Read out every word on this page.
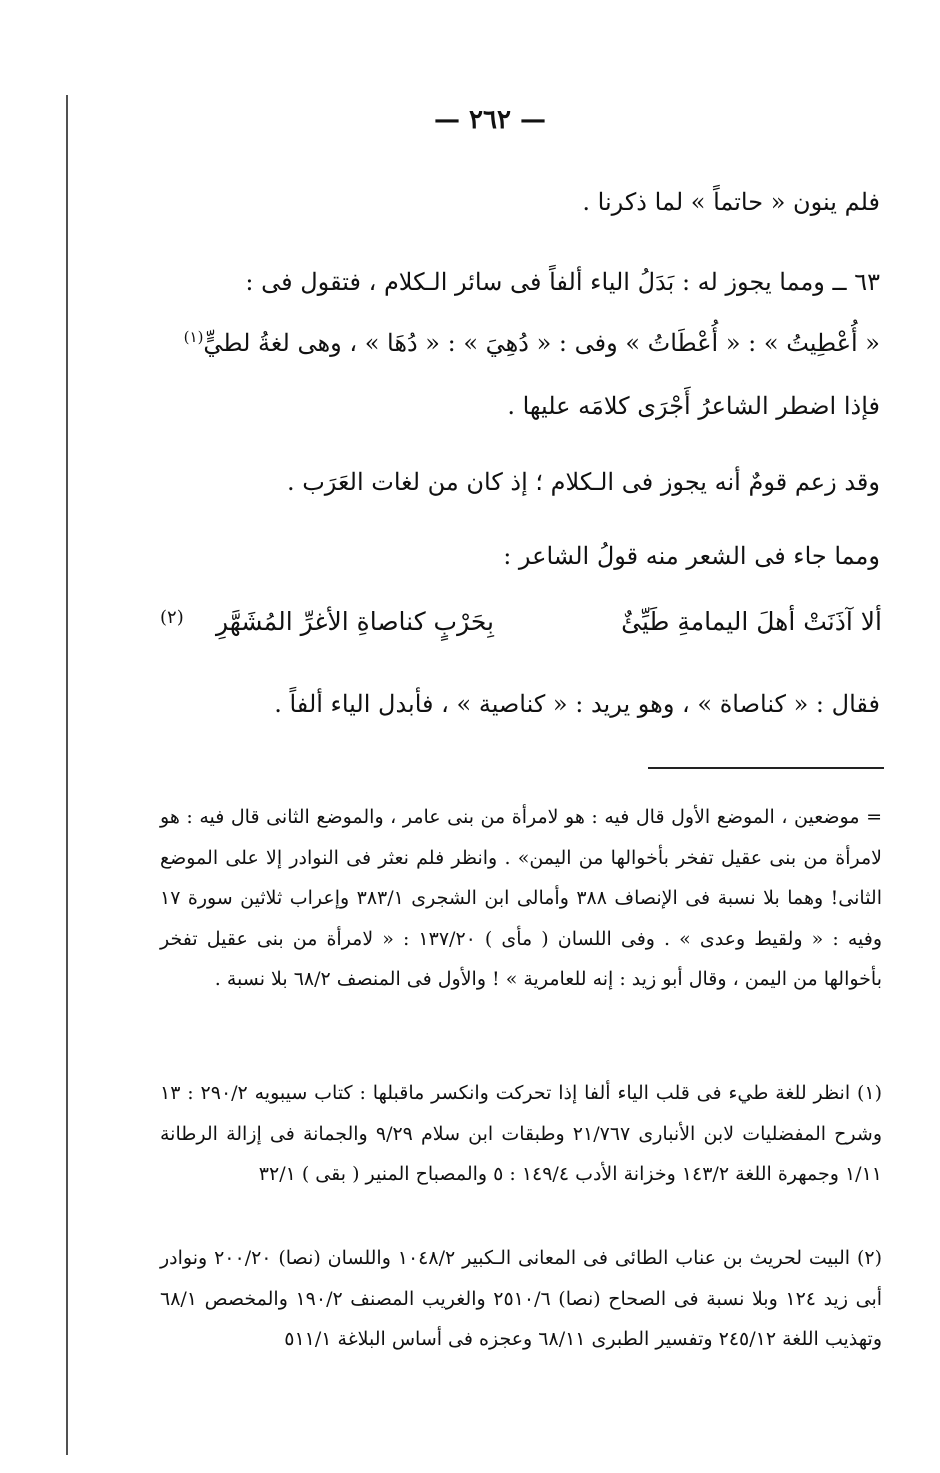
— ٢٦٢ —
فلم ينون « حاتماً » لما ذكرنا .
٦٣ ــ ومما يجوز له : بَدَلُ الياء ألفاً فى سائر الـكلام ، فتقول فى :
« أُعْطِيتُ » : « أُعْطَاتُ » وفى : « دُهِيَ » : « دُهَا » ، وهى لغةُ لطيٍّ$^{(١)}$
فإذا اضطر الشاعرُ أَجْرَى كلامَه عليها .
وقد زعم قومٌ أنه يجوز فى الـكلام ؛ إذ كان من لغات العَرَب .
ومما جاء فى الشعر منه قولُ الشاعر :
ألا آذَنَتْ أهلَ اليمامةِ طَيِّئٌ
بِحَرْبٍ كناصاةِ الأغرِّ المُشَهَّرِ
(٢)
فقال : « كناصاة » ، وهو يريد : « كناصية » ، فأبدل الياء ألفاً .
= موضعين ، الموضع الأول قال فيه : هو لامرأة من بنى عامر ، والموضع الثانى قال فيه : هو لامرأة من بنى عقيل تفخر بأخوالها من اليمن» . وانظر فلم نعثر فى النوادر إلا على الموضع الثانى! وهما بلا نسبة فى الإنصاف ٣٨٨ وأمالى ابن الشجرى ٣٨٣/١ وإعراب ثلاثين سورة ١٧ وفيه : « ولقيط وعدى » . وفى اللسان ( مأى ) ١٣٧/٢٠ : « لامرأة من بنى عقيل تفخر بأخوالها من اليمن ، وقال أبو زيد : إنه للعامرية » ! والأول فى المنصف ٦٨/٢ بلا نسبة .
(١) انظر للغة طيء فى قلب الياء ألفا إذا تحركت وانكسر ماقبلها : كتاب سيبويه ٢٩٠/٢ : ١٣ وشرح المفضليات لابن الأنبارى ٢١/٧٦٧ وطبقات ابن سلام ٩/٢٩ والجمانة فى إزالة الرطانة ١/١١ وجمهرة اللغة ١٤٣/٢ وخزانة الأدب ١٤٩/٤ : ٥ والمصباح المنير ( بقى ) ٣٢/١
(٢) البيت لحريث بن عناب الطائى فى المعانى الـكبير ١٠٤٨/٢ واللسان (نصا) ٢٠٠/٢٠ ونوادر أبى زيد ١٢٤ وبلا نسبة فى الصحاح (نصا) ٢٥١٠/٦ والغريب المصنف ١٩٠/٢ والمخصص ٦٨/١ وتهذيب اللغة ٢٤٥/١٢ وتفسير الطبرى ٦٨/١١ وعجزه فى أساس البلاغة ٥١١/١
